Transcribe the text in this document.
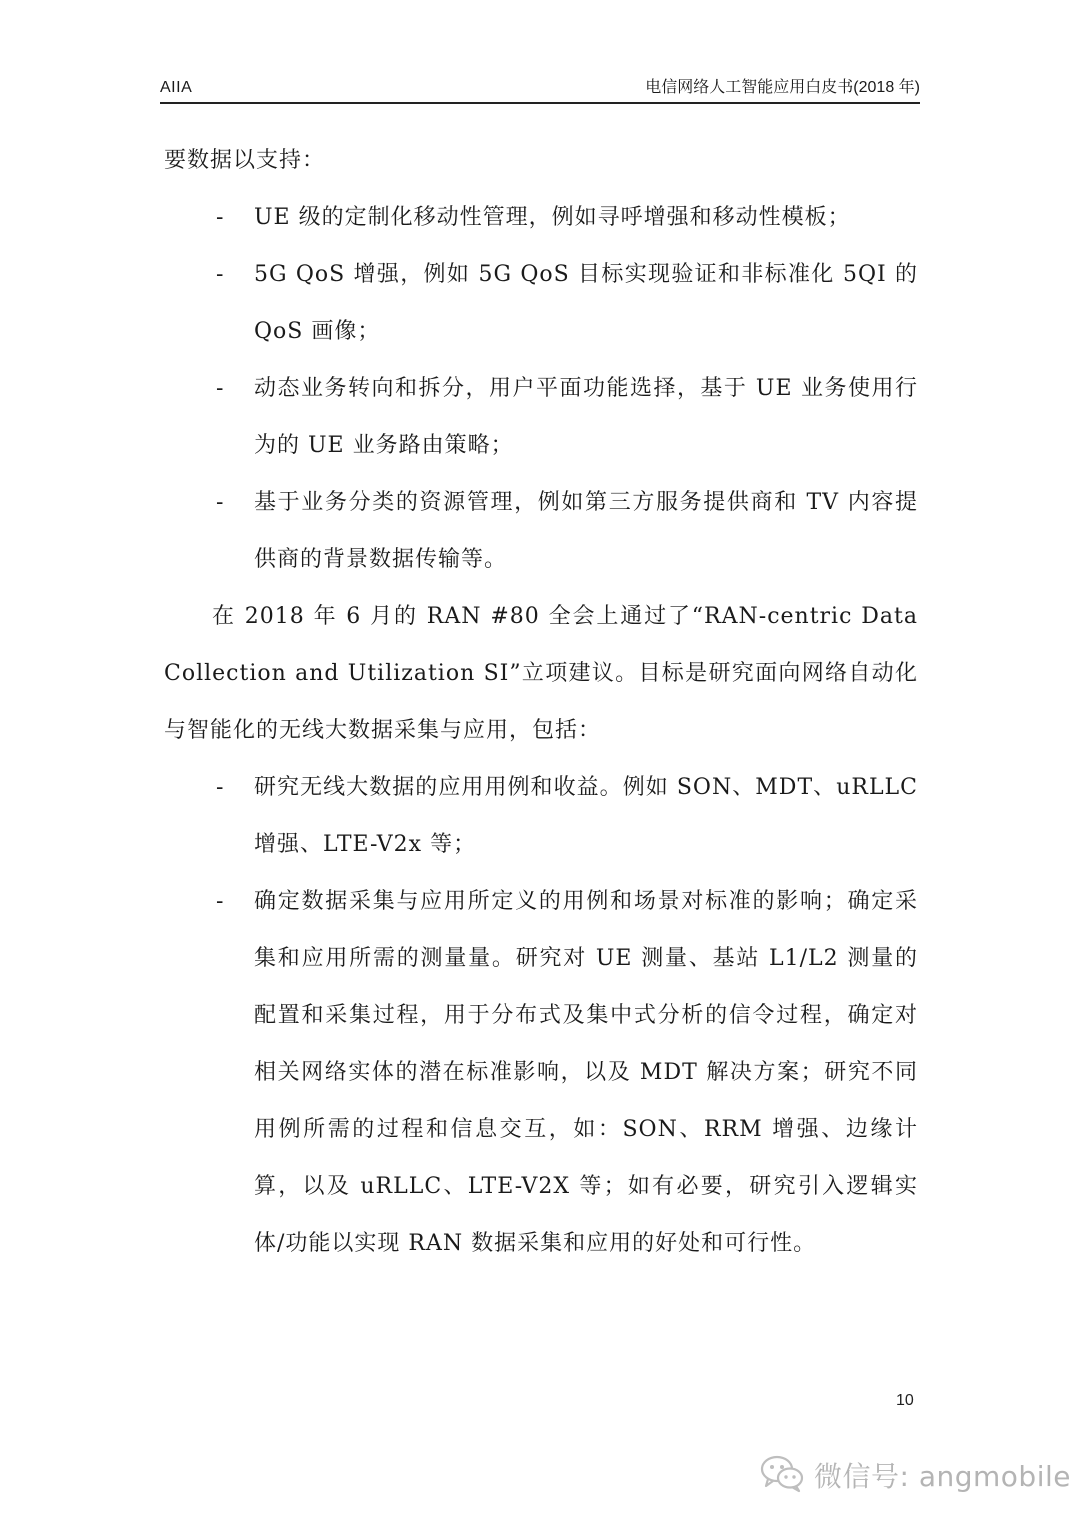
AIIA	电信网络人工智能应用白皮书(2018 年)

要数据以支持：

- UE 级的定制化移动性管理，例如寻呼增强和移动性模板；

- 5G QoS 增强，例如 5G QoS 目标实现验证和非标准化 5QI 的 QoS 画像；

- 动态业务转向和拆分，用户平面功能选择，基于 UE 业务使用行为的 UE 业务路由策略；

- 基于业务分类的资源管理，例如第三方服务提供商和 TV 内容提供商的背景数据传输等。

在 2018 年 6 月的 RAN #80 全会上通过了“RAN-centric Data Collection and Utilization SI”立项建议。目标是研究面向网络自动化与智能化的无线大数据采集与应用，包括：

- 研究无线大数据的应用用例和收益。例如 SON、MDT、uRLLC 增强、LTE-V2x 等；

- 确定数据采集与应用所定义的用例和场景对标准的影响；确定采集和应用所需的测量量。研究对 UE 测量、基站 L1/L2 测量的配置和采集过程，用于分布式及集中式分析的信令过程，确定对相关网络实体的潜在标准影响，以及 MDT 解决方案；研究不同用例所需的过程和信息交互，如：SON、RRM 增强、边缘计算，以及 uRLLC、LTE-V2X 等；如有必要，研究引入逻辑实体/功能以实现 RAN 数据采集和应用的好处和可行性。

10
微信号: angmobile
